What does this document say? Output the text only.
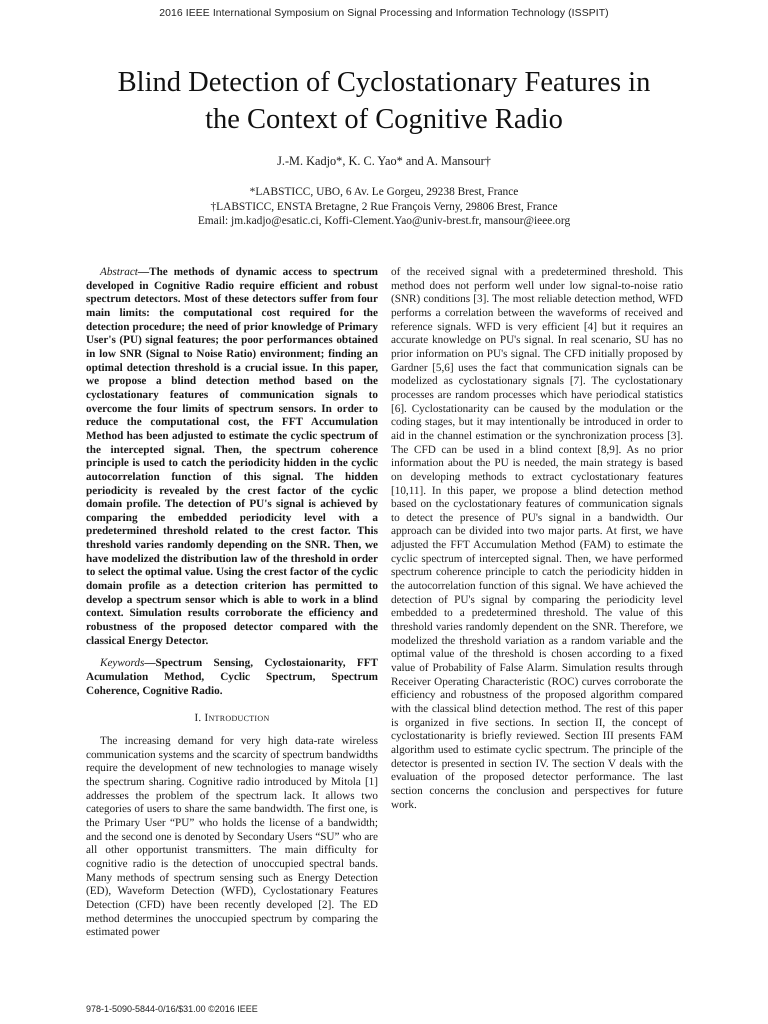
2016 IEEE International Symposium on Signal Processing and Information Technology (ISSPIT)
Blind Detection of Cyclostationary Features in
the Context of Cognitive Radio
J.-M. Kadjo*, K. C. Yao* and A. Mansour†
*LABSTICC, UBO, 6 Av. Le Gorgeu, 29238 Brest, France
†LABSTICC, ENSTA Bretagne, 2 Rue François Verny, 29806 Brest, France
Email: jm.kadjo@esatic.ci, Koffi-Clement.Yao@univ-brest.fr, mansour@ieee.org

Abstract—The methods of dynamic access to spectrum developed in Cognitive Radio require efficient and robust spectrum detectors. Most of these detectors suffer from four main limits: the computational cost required for the detection procedure; the need of prior knowledge of Primary User's (PU) signal features; the poor performances obtained in low SNR (Signal to Noise Ratio) environment; finding an optimal detection threshold is a crucial issue. In this paper, we propose a blind detection method based on the cyclostationary features of communication signals to overcome the four limits of spectrum sensors. In order to reduce the computational cost, the FFT Accumulation Method has been adjusted to estimate the cyclic spectrum of the intercepted signal. Then, the spectrum coherence principle is used to catch the periodicity hidden in the cyclic autocorrelation function of this signal. The hidden periodicity is revealed by the crest factor of the cyclic domain profile. The detection of PU's signal is achieved by comparing the embedded periodicity level with a predetermined threshold related to the crest factor. This threshold varies randomly depending on the SNR. Then, we have modelized the distribution law of the threshold in order to select the optimal value. Using the crest factor of the cyclic domain profile as a detection criterion has permitted to develop a spectrum sensor which is able to work in a blind context. Simulation results corroborate the efficiency and robustness of the proposed detector compared with the classical Energy Detector.

Keywords—Spectrum Sensing, Cyclostaionarity, FFT Acumulation Method, Cyclic Spectrum, Spectrum Coherence, Cognitive Radio.

I. Introduction

The increasing demand for very high data-rate wireless communication systems and the scarcity of spectrum bandwidths require the development of new technologies to manage wisely the spectrum sharing. Cognitive radio introduced by Mitola [1] addresses the problem of the spectrum lack. It allows two categories of users to share the same bandwidth. The first one, is the Primary User “PU” who holds the license of a bandwidth; and the second one is denoted by Secondary Users “SU” who are all other opportunist transmitters. The main difficulty for cognitive radio is the detection of unoccupied spectral bands. Many methods of spectrum sensing such as Energy Detection (ED), Waveform Detection (WFD), Cyclostationary Features Detection (CFD) have been recently developed [2]. The ED method determines the unoccupied spectrum by comparing the estimated power

of the received signal with a predetermined threshold. This method does not perform well under low signal-to-noise ratio (SNR) conditions [3]. The most reliable detection method, WFD performs a correlation between the waveforms of received and reference signals. WFD is very efficient [4] but it requires an accurate knowledge on PU's signal. In real scenario, SU has no prior information on PU's signal. The CFD initially proposed by Gardner [5,6] uses the fact that communication signals can be modelized as cyclostationary signals [7]. The cyclostationary processes are random processes which have periodical statistics [6]. Cyclostationarity can be caused by the modulation or the coding stages, but it may intentionally be introduced in order to aid in the channel estimation or the synchronization process [3]. The CFD can be used in a blind context [8,9]. As no prior information about the PU is needed, the main strategy is based on developing methods to extract cyclostationary features [10,11]. In this paper, we propose a blind detection method based on the cyclostationary features of communication signals to detect the presence of PU's signal in a bandwidth. Our approach can be divided into two major parts. At first, we have adjusted the FFT Accumulation Method (FAM) to estimate the cyclic spectrum of intercepted signal. Then, we have performed spectrum coherence principle to catch the periodicity hidden in the autocorrelation function of this signal. We have achieved the detection of PU's signal by comparing the periodicity level embedded to a predetermined threshold. The value of this threshold varies randomly dependent on the SNR. Therefore, we modelized the threshold variation as a random variable and the optimal value of the threshold is chosen according to a fixed value of Probability of False Alarm. Simulation results through Receiver Operating Characteristic (ROC) curves corroborate the efficiency and robustness of the proposed algorithm compared with the classical blind detection method. The rest of this paper is organized in five sections. In section II, the concept of cyclostationarity is briefly reviewed. Section III presents FAM algorithm used to estimate cyclic spectrum. The principle of the detector is presented in section IV. The section V deals with the evaluation of the proposed detector performance. The last section concerns the conclusion and perspectives for future work.

978-1-5090-5844-0/16/$31.00 ©2016 IEEE
